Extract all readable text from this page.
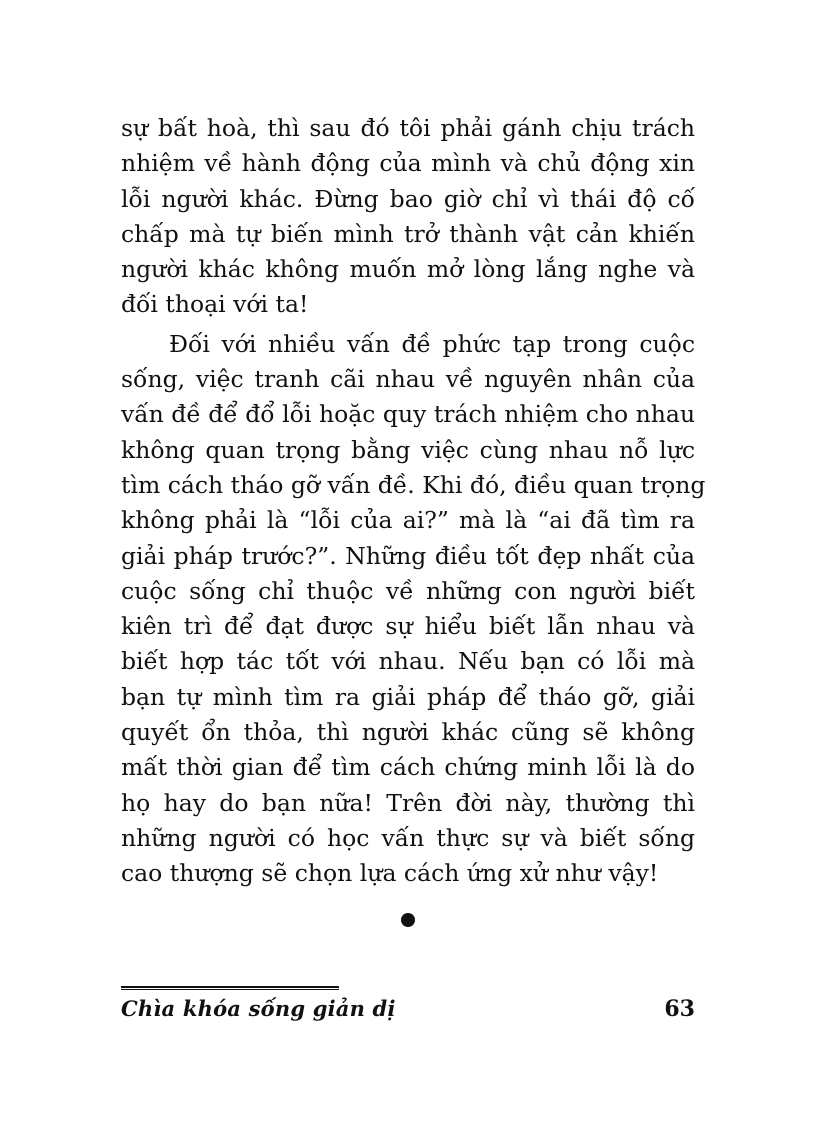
sự bất hoà, thì sau đó tôi phải gánh chịu trách
nhiệm về hành động của mình và chủ động xin
lỗi người khác. Đừng bao giờ chỉ vì thái độ cố
chấp mà tự biến mình trở thành vật cản khiến
người khác không muốn mở lòng lắng nghe và
đối thoại với ta!

Đối với nhiều vấn đề phức tạp trong cuộc
sống, việc tranh cãi nhau về nguyên nhân của
vấn đề để đổ lỗi hoặc quy trách nhiệm cho nhau
không quan trọng bằng việc cùng nhau nỗ lực
tìm cách tháo gỡ vấn đề. Khi đó, điều quan trọng
không phải là “lỗi của ai?” mà là “ai đã tìm ra
giải pháp trước?”. Những điều tốt đẹp nhất của
cuộc sống chỉ thuộc về những con người biết
kiên trì để đạt được sự hiểu biết lẫn nhau và
biết hợp tác tốt với nhau. Nếu bạn có lỗi mà
bạn tự mình tìm ra giải pháp để tháo gỡ, giải
quyết ổn thỏa, thì người khác cũng sẽ không
mất thời gian để tìm cách chứng minh lỗi là do
họ hay do bạn nữa! Trên đời này, thường thì
những người có học vấn thực sự và biết sống
cao thượng sẽ chọn lựa cách ứng xử như vậy!

Chìa khóa sống giản dị	63
